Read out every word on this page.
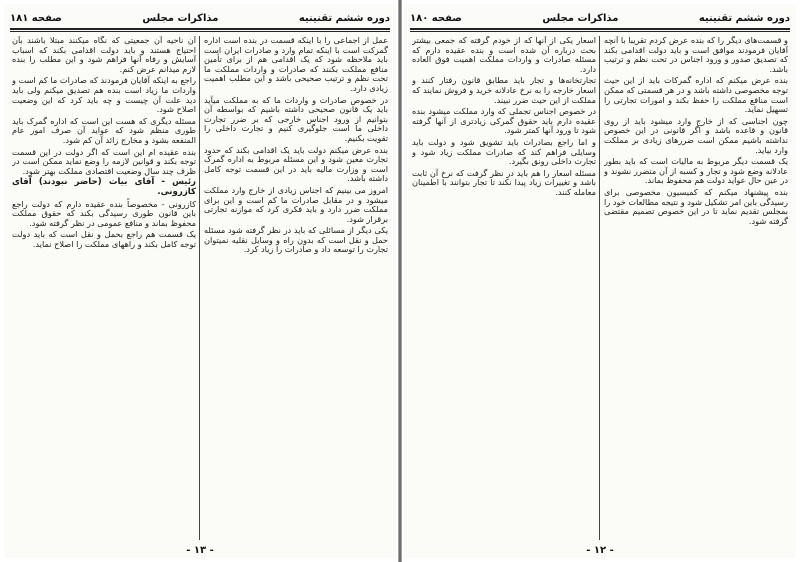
دوره ششم تقنینیه
مذاکرات مجلس
صفحه ۱۸۱

عمل از اجماعی را با اینکه قسمت در بنده است اداره گمرکت است با اینکه تمام وارد و صادرات ایران است باید ملاحظه شود که یک اقدامی هم از برای تأمین منافع مملکت بکنند که صادرات و واردات مملکت ما تحت نظم و ترتیب صحیحی باشد و این مطلب اهمیت زیادی دارد.

در خصوص صادرات و واردات ما که به مملکت میآید باید یک قانون صحیحی داشته باشیم که بواسطه آن بتوانیم از ورود اجناس خارجی که بر ضرر تجارت داخلی ما است جلوگیری کنیم و تجارت داخلی را تقویت بکنیم.

بنده عرض میکنم دولت باید یک اقدامی بکند که حدود تجارت معین شود و این مسئله مربوط به اداره گمرک است و وزارت مالیه باید در این قسمت توجه کامل داشته باشد.

امروز می بینیم که اجناس زیادی از خارج وارد مملکت میشود و در مقابل صادرات ما کم است و این برای مملکت ضرر دارد و باید فکری کرد که موازنه تجارتی برقرار شود.

یکی دیگر از مسائلی که باید در نظر گرفته شود مسئله حمل و نقل است که بدون راه و وسایل نقلیه نمیتوان تجارت را توسعه داد و صادرات را زیاد کرد.

آن ناحیه آن جمعیتی که نگاه میکنند مبتلا باشند بآن احتیاج هستند و باید دولت اقدامی بکند که اسباب آسایش و رفاه آنها فراهم شود و این مطلب را بنده لازم میدانم عرض کنم.

راجع به اینکه آقایان فرمودند که صادرات ما کم است و واردات ما زیاد است بنده هم تصدیق میکنم ولی باید دید علت آن چیست و چه باید کرد که این وضعیت اصلاح شود.

مسئله دیگری که هست این است که اداره گمرک باید طوری منظم شود که عواید آن صرف امور عام المنفعه بشود و مخارج زائد آن کم شود.

بنده عقیده ام این است که اگر دولت در این قسمت توجه بکند و قوانین لازمه را وضع نماید ممکن است در ظرف چند سال وضعیت اقتصادی مملکت بهتر شود.

رئیس - آقای بیات (حاضر نبودند) آقای کازرونی.

کازرونی - مخصوصاً بنده عقیده دارم که دولت راجع باین قانون طوری رسیدگی بکند که حقوق مملکت محفوظ بماند و منافع عمومی در نظر گرفته شود.

یک قسمت هم راجع بحمل و نقل است که باید دولت توجه کامل بکند و راههای مملکت را اصلاح نماید.

- ۱۳ -
دوره ششم تقنینیه
مذاکرات مجلس
صفحه ۱۸۰

و قسمت‌های دیگر را که بنده عرض کردم تقریباً با آنچه آقایان فرمودند موافق است و باید دولت اقدامی بکند که تصدیق صدور و ورود اجناس در تحت نظم و ترتیب باشد.

بنده عرض میکنم که اداره گمرکات باید از این حیث توجه مخصوصی داشته باشد و در هر قسمتی که ممکن است منافع مملکت را حفظ بکند و امورات تجارتی را تسهیل نماید.

چون اجناسی که از خارج وارد میشود باید از روی قانون و قاعده باشد و اگر قانونی در این خصوص نداشته باشیم ممکن است ضررهای زیادی بر مملکت وارد بیاید.

یک قسمت دیگر مربوط به مالیات است که باید بطور عادلانه وضع شود و تجار و کسبه از آن متضرر نشوند و در عین حال عواید دولت هم محفوظ بماند.

بنده پیشنهاد میکنم که کمیسیون مخصوصی برای رسیدگی باین امر تشکیل شود و نتیجه مطالعات خود را بمجلس تقدیم نماید تا در این خصوص تصمیم مقتضی گرفته شود.

اسعار یکی از آنها که از خودم گرفته که جمعی بیشتر بحث درباره آن شده است و بنده عقیده دارم که مسئله صادرات و واردات مملکت اهمیت فوق العاده دارد.

تجارتخانه‌ها و تجار باید مطابق قانون رفتار کنند و اسعار خارجه را به نرخ عادلانه خرید و فروش نمایند که مملکت از این حیث ضرر نبیند.

در خصوص اجناس تجملی که وارد مملکت میشود بنده عقیده دارم باید حقوق گمرکی زیادتری از آنها گرفته شود تا ورود آنها کمتر شود.

و اما راجع بصادرات باید تشویق شود و دولت باید وسایلی فراهم کند که صادرات مملکت زیاد شود و تجارت داخلی رونق بگیرد.

مسئله اسعار را هم باید در نظر گرفت که نرخ آن ثابت باشد و تغییرات زیاد پیدا نکند تا تجار بتوانند با اطمینان معامله کنند.

- ۱۲ -
